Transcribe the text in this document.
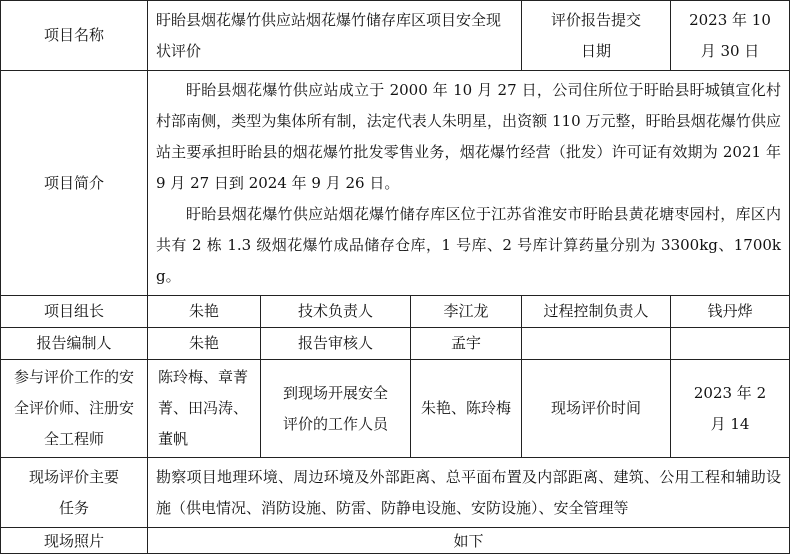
项目名称	盱眙县烟花爆竹供应站烟花爆竹储存库区项目安全现状评价			评价报告提交日期	2023 年 10 月 30 日
项目简介	盱眙县烟花爆竹供应站成立于 2000 年 10 月 27 日，公司住所位于盱眙县盱城镇宣化村村部南侧，类型为集体所有制，法定代表人朱明星，出资额 110 万元整，盱眙县烟花爆竹供应站主要承担盱眙县的烟花爆竹批发零售业务，烟花爆竹经营（批发）许可证有效期为 2021 年 9 月 27 日到 2024 年 9 月 26 日。

盱眙县烟花爆竹供应站烟花爆竹储存库区位于江苏省淮安市盱眙县黄花塘枣园村，库区内共有 2 栋 1.3 级烟花爆竹成品储存仓库，1 号库、2 号库计算药量分别为 3300kg、1700kg。				

项目组长	朱艳	技术负责人	李江龙	过程控制负责人	钱丹烨
报告编制人	朱艳	报告审核人	孟宇		
参与评价工作的安全评价师、注册安全工程师	陈玲梅、章菁菁、田冯涛、董帆	到现场开展安全评价的工作人员	朱艳、陈玲梅	现场评价时间	2023 年 2 月 14
现场评价主要任务	勘察项目地理环境、周边环境及外部距离、总平面布置及内部距离、建筑、公用工程和辅助设施（供电情况、消防设施、防雷、防静电设施、安防设施）、安全管理等				
现场照片	如下				
